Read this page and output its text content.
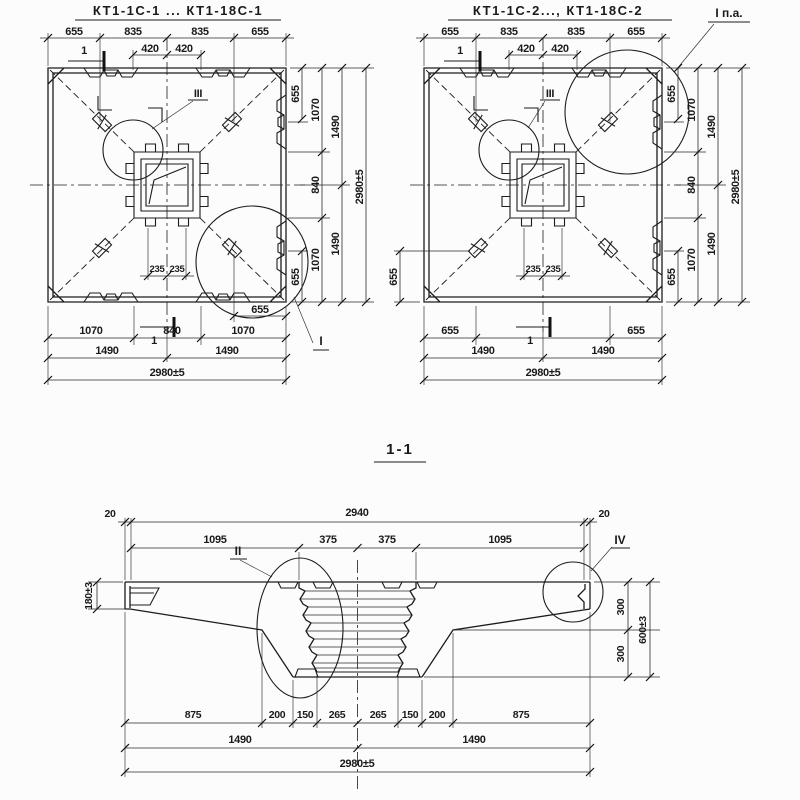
КТ1-1С-1 ... КТ1-18С-1
III
I
1
1
655	835	835	655
420 420
655
655
1070
840
1070
1490
1490
2980±5
235 235
655
1070	840	1070
1490	1490
2980±5
КТ1-1С-2..., КТ1-18С-2
III
I п.а.
1
1
655	835	835	655
420 420
655
655
1070
840
1070
1490
1490
2980±5
655	235 235
655	655
1490	1490
2980±5
1-1
II
IV
20	2940	20
1095	375	375	1095
180±3	300
300
600±3
875	200 150 265 265 150 200	875
1490	1490
2980±5
